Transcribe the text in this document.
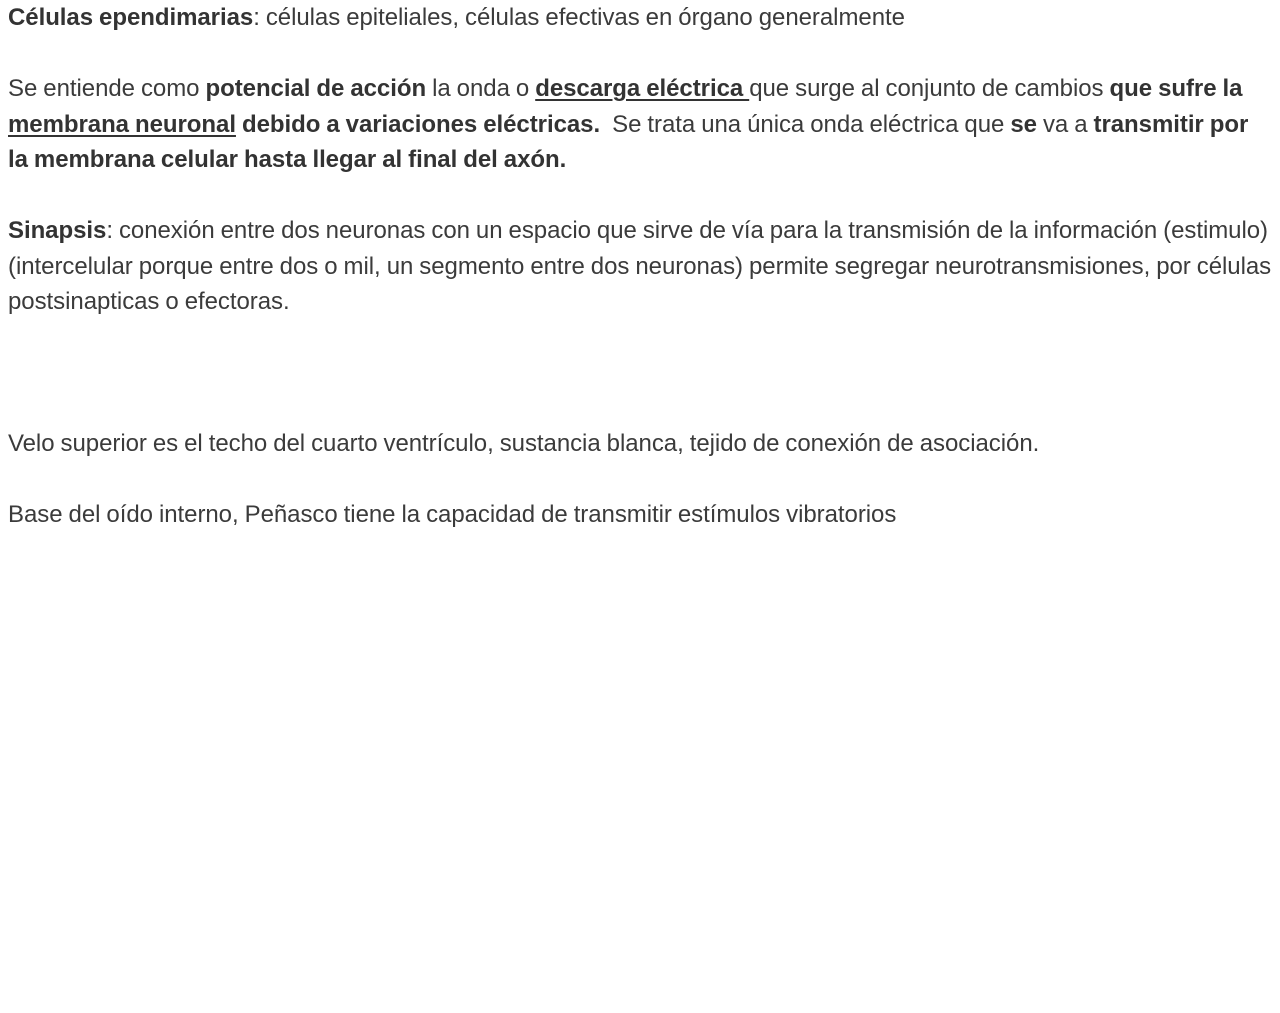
Células ependimarias: células epiteliales, células efectivas en órgano generalmente

Se entiende como potencial de acción la onda o descarga eléctrica que surge al conjunto de cambios que sufre la membrana neuronal debido a variaciones eléctricas.  Se trata una única onda eléctrica que se va a transmitir por la membrana celular hasta llegar al final del axón.

Sinapsis: conexión entre dos neuronas con un espacio que sirve de vía para la transmisión de la información (estimulo) (intercelular porque entre dos o mil, un segmento entre dos neuronas) permite segregar neurotransmisiones, por células postsinapticas o efectoras.

Velo superior es el techo del cuarto ventrículo, sustancia blanca, tejido de conexión de asociación.

Base del oído interno, Peñasco tiene la capacidad de transmitir estímulos vibratorios
